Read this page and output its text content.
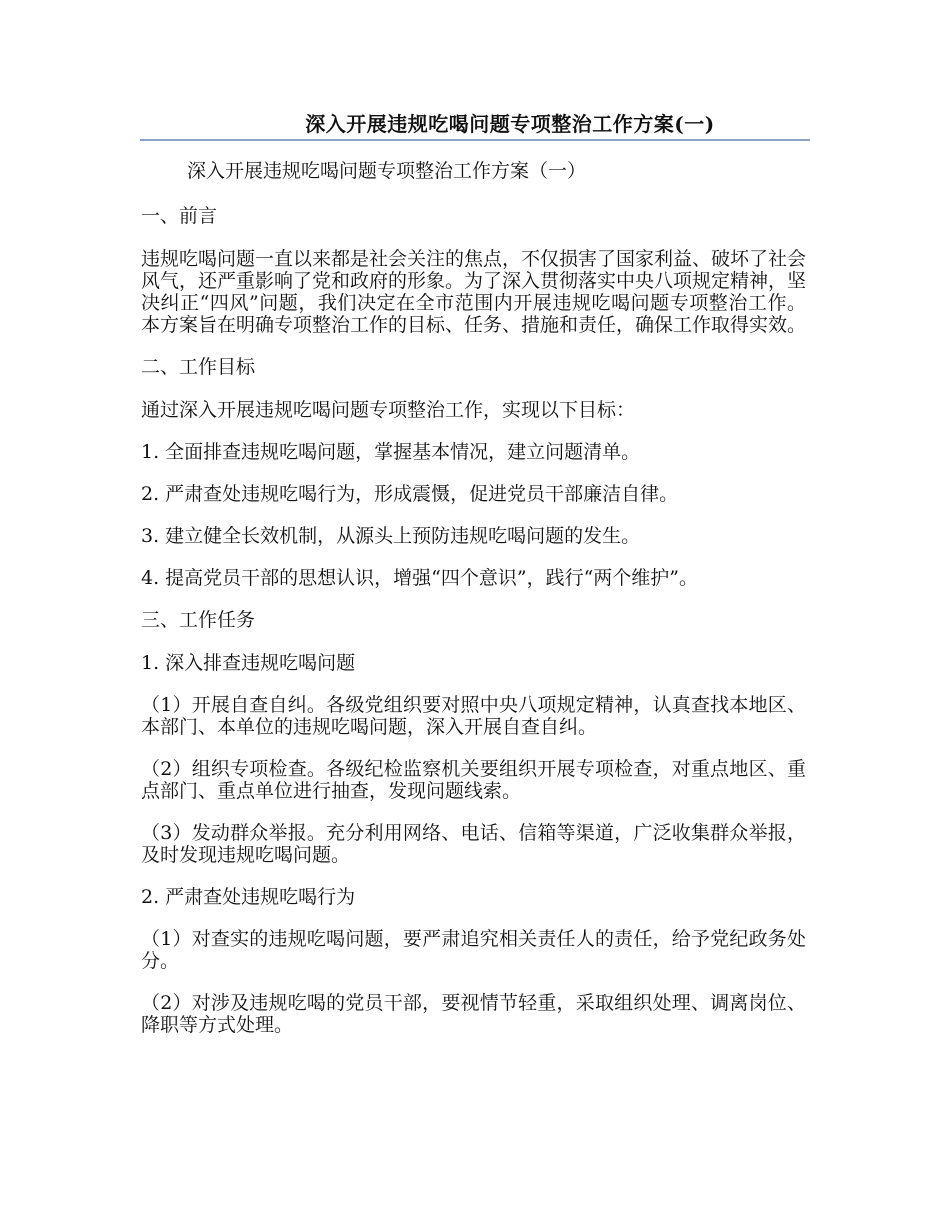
深入开展违规吃喝问题专项整治工作方案(一)

深入开展违规吃喝问题专项整治工作方案（一）

一、前言

违规吃喝问题一直以来都是社会关注的焦点，不仅损害了国家利益、破坏了社会风气，还严重影响了党和政府的形象。为了深入贯彻落实中央八项规定精神，坚决纠正“四风”问题，我们决定在全市范围内开展违规吃喝问题专项整治工作。本方案旨在明确专项整治工作的目标、任务、措施和责任，确保工作取得实效。

二、工作目标

通过深入开展违规吃喝问题专项整治工作，实现以下目标：

1. 全面排查违规吃喝问题，掌握基本情况，建立问题清单。

2. 严肃查处违规吃喝行为，形成震慑，促进党员干部廉洁自律。

3. 建立健全长效机制，从源头上预防违规吃喝问题的发生。

4. 提高党员干部的思想认识，增强“四个意识”，践行“两个维护”。

三、工作任务

1. 深入排查违规吃喝问题

（1）开展自查自纠。各级党组织要对照中央八项规定精神，认真查找本地区、本部门、本单位的违规吃喝问题，深入开展自查自纠。

（2）组织专项检查。各级纪检监察机关要组织开展专项检查，对重点地区、重点部门、重点单位进行抽查，发现问题线索。

（3）发动群众举报。充分利用网络、电话、信箱等渠道，广泛收集群众举报，及时发现违规吃喝问题。

2. 严肃查处违规吃喝行为

（1）对查实的违规吃喝问题，要严肃追究相关责任人的责任，给予党纪政务处分。

（2）对涉及违规吃喝的党员干部，要视情节轻重，采取组织处理、调离岗位、降职等方式处理。
